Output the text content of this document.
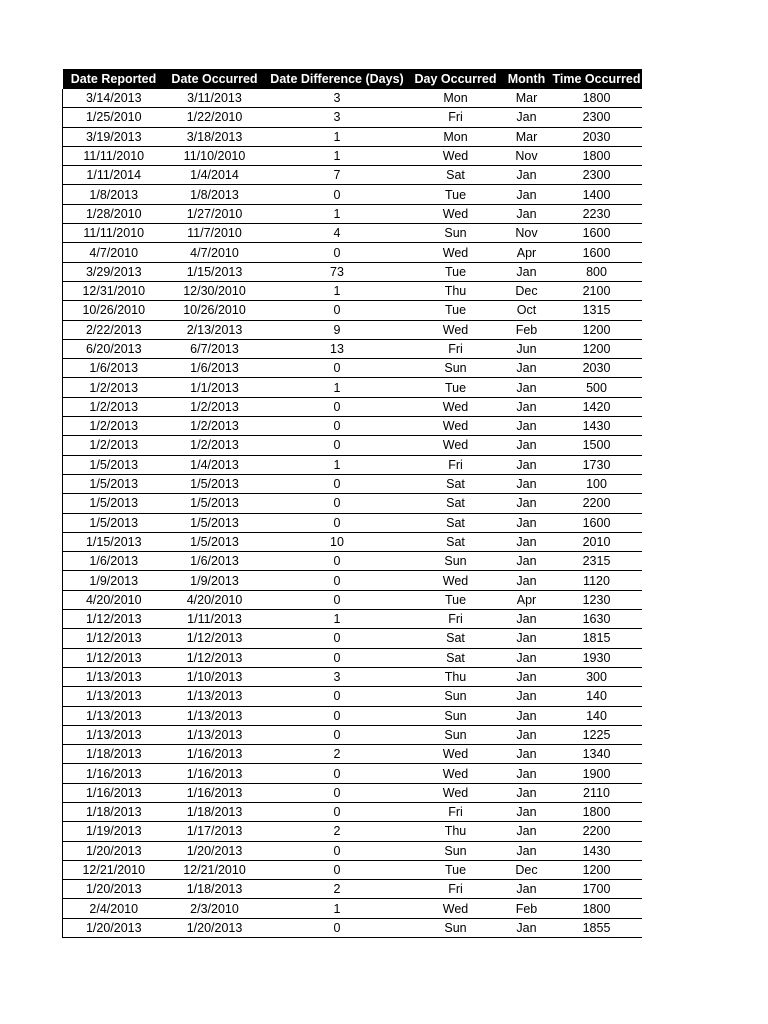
Date Reported	Date Occurred	Date Difference (Days)	Day Occurred	Month	Time Occurred
3/14/2013	3/11/2013	3	Mon	Mar	1800
1/25/2010	1/22/2010	3	Fri	Jan	2300
3/19/2013	3/18/2013	1	Mon	Mar	2030
11/11/2010	11/10/2010	1	Wed	Nov	1800
1/11/2014	1/4/2014	7	Sat	Jan	2300
1/8/2013	1/8/2013	0	Tue	Jan	1400
1/28/2010	1/27/2010	1	Wed	Jan	2230
11/11/2010	11/7/2010	4	Sun	Nov	1600
4/7/2010	4/7/2010	0	Wed	Apr	1600
3/29/2013	1/15/2013	73	Tue	Jan	800
12/31/2010	12/30/2010	1	Thu	Dec	2100
10/26/2010	10/26/2010	0	Tue	Oct	1315
2/22/2013	2/13/2013	9	Wed	Feb	1200
6/20/2013	6/7/2013	13	Fri	Jun	1200
1/6/2013	1/6/2013	0	Sun	Jan	2030
1/2/2013	1/1/2013	1	Tue	Jan	500
1/2/2013	1/2/2013	0	Wed	Jan	1420
1/2/2013	1/2/2013	0	Wed	Jan	1430
1/2/2013	1/2/2013	0	Wed	Jan	1500
1/5/2013	1/4/2013	1	Fri	Jan	1730
1/5/2013	1/5/2013	0	Sat	Jan	100
1/5/2013	1/5/2013	0	Sat	Jan	2200
1/5/2013	1/5/2013	0	Sat	Jan	1600
1/15/2013	1/5/2013	10	Sat	Jan	2010
1/6/2013	1/6/2013	0	Sun	Jan	2315
1/9/2013	1/9/2013	0	Wed	Jan	1120
4/20/2010	4/20/2010	0	Tue	Apr	1230
1/12/2013	1/11/2013	1	Fri	Jan	1630
1/12/2013	1/12/2013	0	Sat	Jan	1815
1/12/2013	1/12/2013	0	Sat	Jan	1930
1/13/2013	1/10/2013	3	Thu	Jan	300
1/13/2013	1/13/2013	0	Sun	Jan	140
1/13/2013	1/13/2013	0	Sun	Jan	140
1/13/2013	1/13/2013	0	Sun	Jan	1225
1/18/2013	1/16/2013	2	Wed	Jan	1340
1/16/2013	1/16/2013	0	Wed	Jan	1900
1/16/2013	1/16/2013	0	Wed	Jan	2110
1/18/2013	1/18/2013	0	Fri	Jan	1800
1/19/2013	1/17/2013	2	Thu	Jan	2200
1/20/2013	1/20/2013	0	Sun	Jan	1430
12/21/2010	12/21/2010	0	Tue	Dec	1200
1/20/2013	1/18/2013	2	Fri	Jan	1700
2/4/2010	2/3/2010	1	Wed	Feb	1800
1/20/2013	1/20/2013	0	Sun	Jan	1855
